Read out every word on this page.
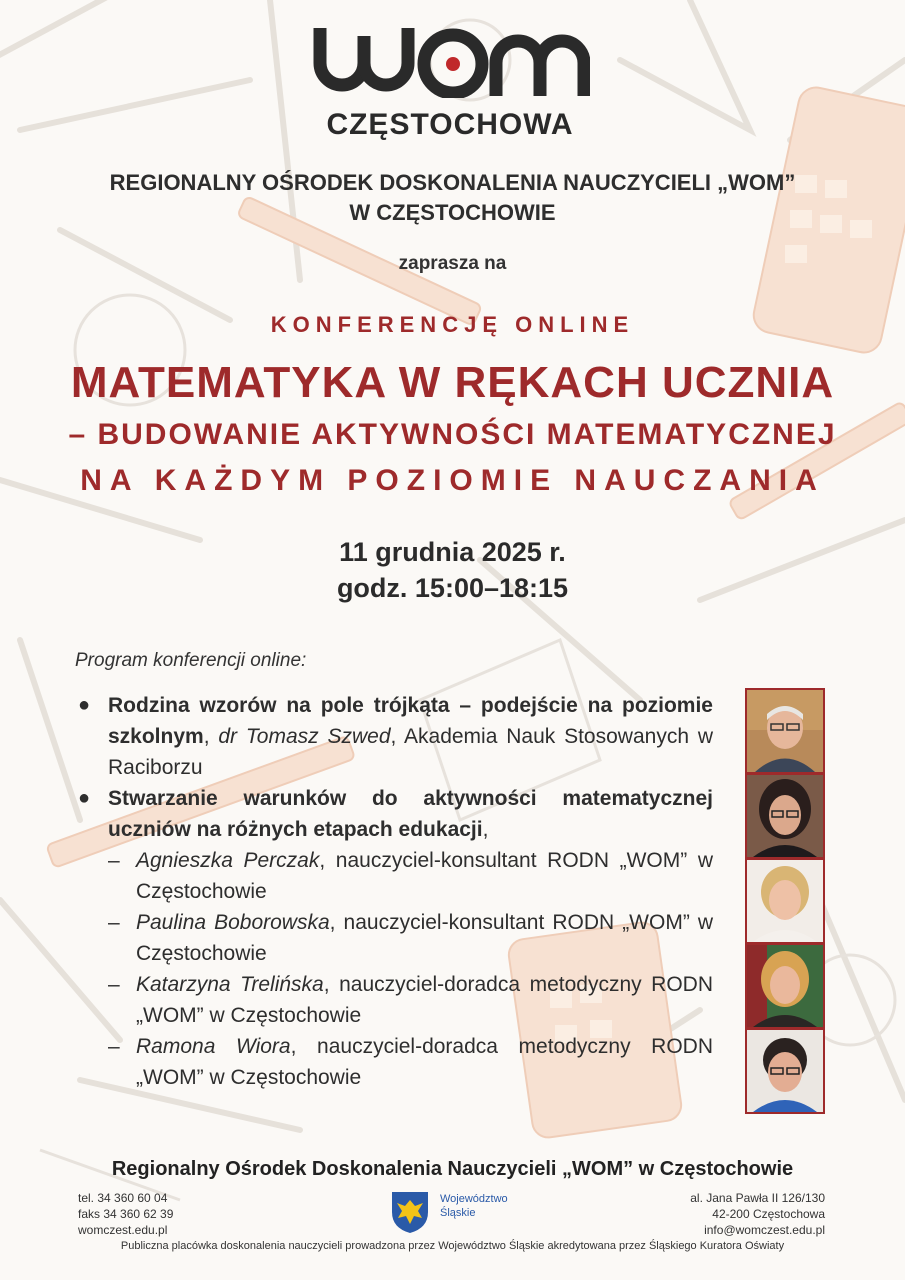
CZĘSTOCHOWA
REGIONALNY OŚRODEK DOSKONALENIA NAUCZYCIELI „WOM”
W CZĘSTOCHOWIE
zaprasza na
KONFERENCJĘ ONLINE
MATEMATYKA W RĘKACH UCZNIA
– BUDOWANIE AKTYWNOŚCI MATEMATYCZNEJ
NA KAŻDYM POZIOMIE NAUCZANIA
11 grudnia 2025 r.
godz. 15:00–18:15
Program konferencji online:
● Rodzina wzorów na pole trójkąta – podejście na poziomie szkolnym, dr Tomasz Szwed, Akademia Nauk Stosowanych w Raciborzu
● Stwarzanie warunków do aktywności matematycznej uczniów na różnych etapach edukacji,
– Agnieszka Perczak, nauczyciel-konsultant RODN „WOM” w Częstochowie
– Paulina Boborowska, nauczyciel-konsultant RODN „WOM” w Częstochowie
– Katarzyna Trelińska, nauczyciel-doradca metodyczny RODN „WOM” w Częstochowie
– Ramona Wiora, nauczyciel-doradca metodyczny RODN „WOM” w Częstochowie
Regionalny Ośrodek Doskonalenia Nauczycieli „WOM” w Częstochowie
tel. 34 360 60 04
faks 34 360 62 39
womczest.edu.pl
Województwo
Śląskie
al. Jana Pawła II 126/130
42-200 Częstochowa
info@womczest.edu.pl
Publiczna placówka doskonalenia nauczycieli prowadzona przez Województwo Śląskie akredytowana przez Śląskiego Kuratora Oświaty
